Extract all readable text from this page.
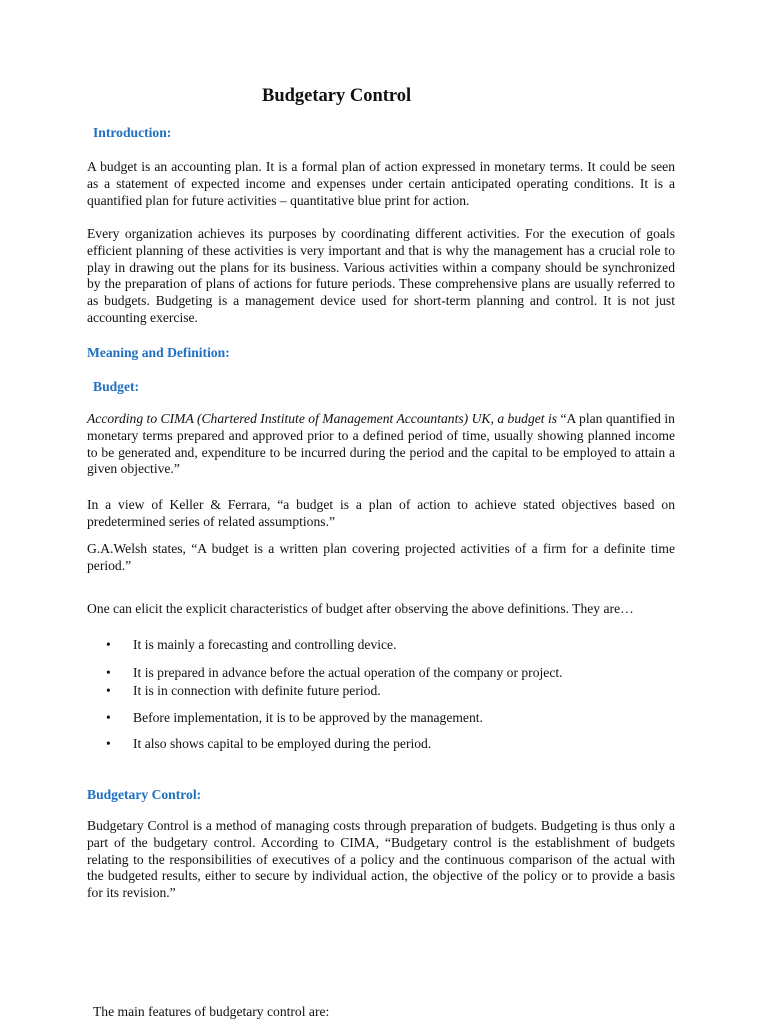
Budgetary Control
Introduction:

A budget is an accounting plan. It is a formal plan of action expressed in monetary terms. It could be seen as a statement of expected income and expenses under certain anticipated operating conditions. It is a quantified plan for future activities – quantitative blue print for action.

Every organization achieves its purposes by coordinating different activities. For the execution of goals efficient planning of these activities is very important and that is why the management has a crucial role to play in drawing out the plans for its business. Various activities within a company should be synchronized by the preparation of plans of actions for future periods. These comprehensive plans are usually referred to as budgets. Budgeting is a management device used for short-term planning and control. It is not just accounting exercise.

Meaning and Definition:
Budget:

According to CIMA (Chartered Institute of Management Accountants) UK, a budget is “A plan quantified in monetary terms prepared and approved prior to a defined period of time, usually showing planned income to be generated and, expenditure to be incurred during the period and the capital to be employed to attain a given objective.”

In a view of Keller & Ferrara, “a budget is a plan of action to achieve stated objectives based on predetermined series of related assumptions.”

G.A.Welsh states, “A budget is a written plan covering projected activities of a firm for a definite time period.”

One can elicit the explicit characteristics of budget after observing the above definitions. They are…

• It is mainly a forecasting and controlling device.
• It is prepared in advance before the actual operation of the company or project.
• It is in connection with definite future period.
• Before implementation, it is to be approved by the management.
• It also shows capital to be employed during the period.
Budgetary Control:

Budgetary Control is a method of managing costs through preparation of budgets. Budgeting is thus only a part of the budgetary control. According to CIMA, “Budgetary control is the establishment of budgets relating to the responsibilities of executives of a policy and the continuous comparison of the actual with the budgeted results, either to secure by individual action, the objective of the policy or to provide a basis for its revision.”

The main features of budgetary control are:
